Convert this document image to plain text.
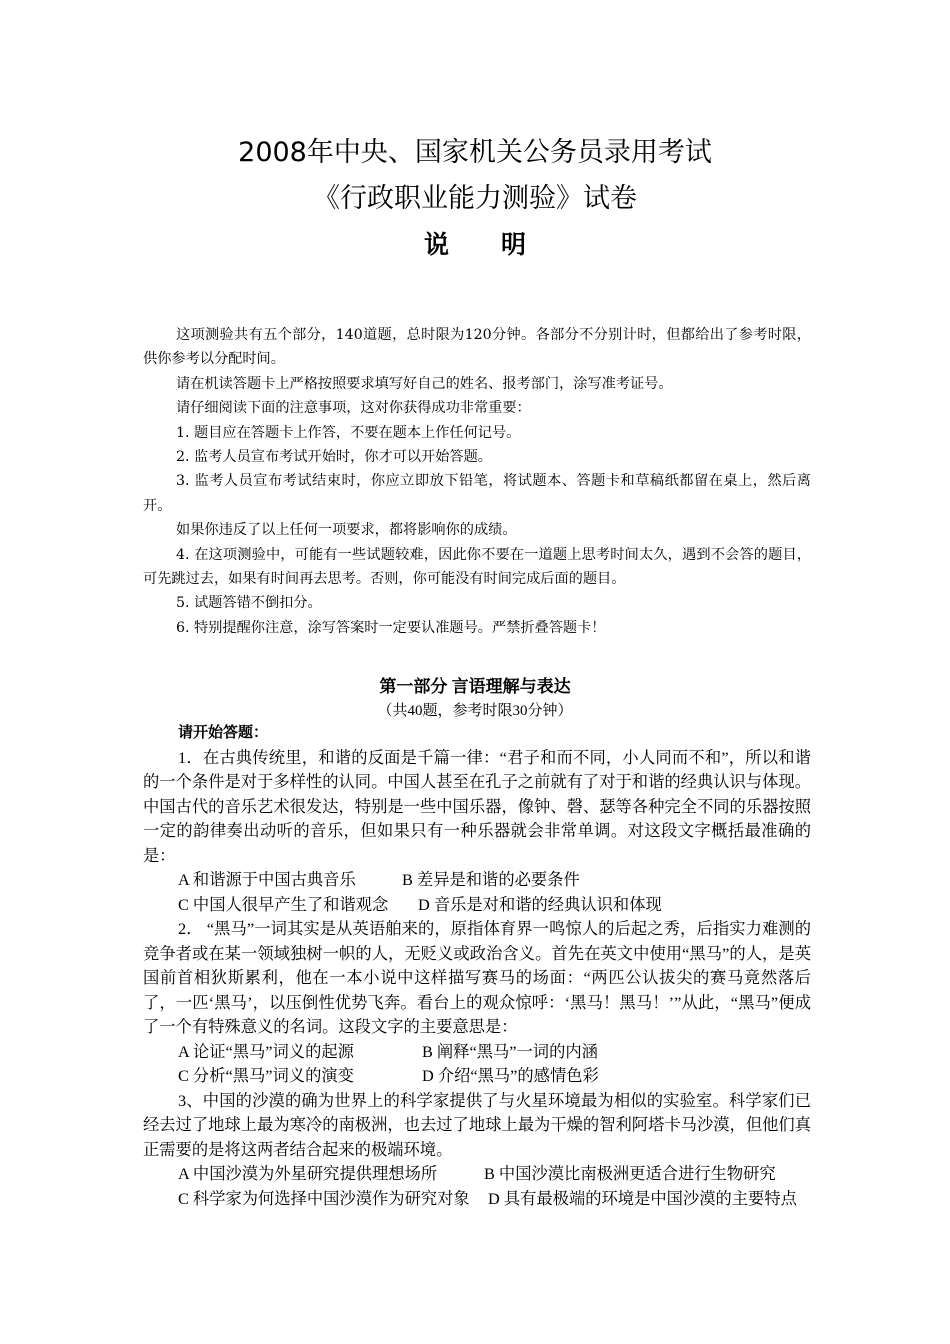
2008年中央、国家机关公务员录用考试

《行政职业能力测验》试卷

说明

这项测验共有五个部分，140道题，总时限为120分钟。各部分不分别计时，但都给出了参考时限，供你参考以分配时间。

请在机读答题卡上严格按照要求填写好自己的姓名、报考部门，涂写准考证号。

请仔细阅读下面的注意事项，这对你获得成功非常重要：

1. 题目应在答题卡上作答，不要在题本上作任何记号。

2. 监考人员宣布考试开始时，你才可以开始答题。

3. 监考人员宣布考试结束时，你应立即放下铅笔，将试题本、答题卡和草稿纸都留在桌上，然后离开。

如果你违反了以上任何一项要求，都将影响你的成绩。

4. 在这项测验中，可能有一些试题较难，因此你不要在一道题上思考时间太久，遇到不会答的题目，可先跳过去，如果有时间再去思考。否则，你可能没有时间完成后面的题目。

5. 试题答错不倒扣分。

6. 特别提醒你注意，涂写答案时一定要认准题号。严禁折叠答题卡！

第一部分 言语理解与表达
（共40题，参考时限30分钟）

请开始答题：

1．在古典传统里，和谐的反面是千篇一律：“君子和而不同，小人同而不和”，所以和谐的一个条件是对于多样性的认同。中国人甚至在孔子之前就有了对于和谐的经典认识与体现。中国古代的音乐艺术很发达，特别是一些中国乐器，像钟、磬、瑟等各种完全不同的乐器按照一定的韵律奏出动听的音乐，但如果只有一种乐器就会非常单调。对这段文字概括最准确的是：

A 和谐源于中国古典音乐	B 差异是和谐的必要条件

C 中国人很早产生了和谐观念 D 音乐是对和谐的经典认识和体现

2． “黑马”一词其实是从英语舶来的，原指体育界一鸣惊人的后起之秀，后指实力难测的竞争者或在某一领域独树一帜的人，无贬义或政治含义。首先在英文中使用“黑马”的人，是英国前首相狄斯累利，他在一本小说中这样描写赛马的场面：“两匹公认拔尖的赛马竟然落后了，一匹‘黑马’，以压倒性优势飞奔。看台上的观众惊呼：‘黑马！黑马！’”从此，“黑马”便成了一个有特殊意义的名词。这段文字的主要意思是：

A 论证“黑马”词义的起源	B 阐释“黑马”一词的内涵

C 分析“黑马”词义的演变	D 介绍“黑马”的感情色彩

3、中国的沙漠的确为世界上的科学家提供了与火星环境最为相似的实验室。科学家们已经去过了地球上最为寒冷的南极洲，也去过了地球上最为干燥的智利阿塔卡马沙漠，但他们真正需要的是将这两者结合起来的极端环境。

A 中国沙漠为外星研究提供理想场所	B 中国沙漠比南极洲更适合进行生物研究

C 科学家为何选择中国沙漠作为研究对象 D 具有最极端的环境是中国沙漠的主要特点
